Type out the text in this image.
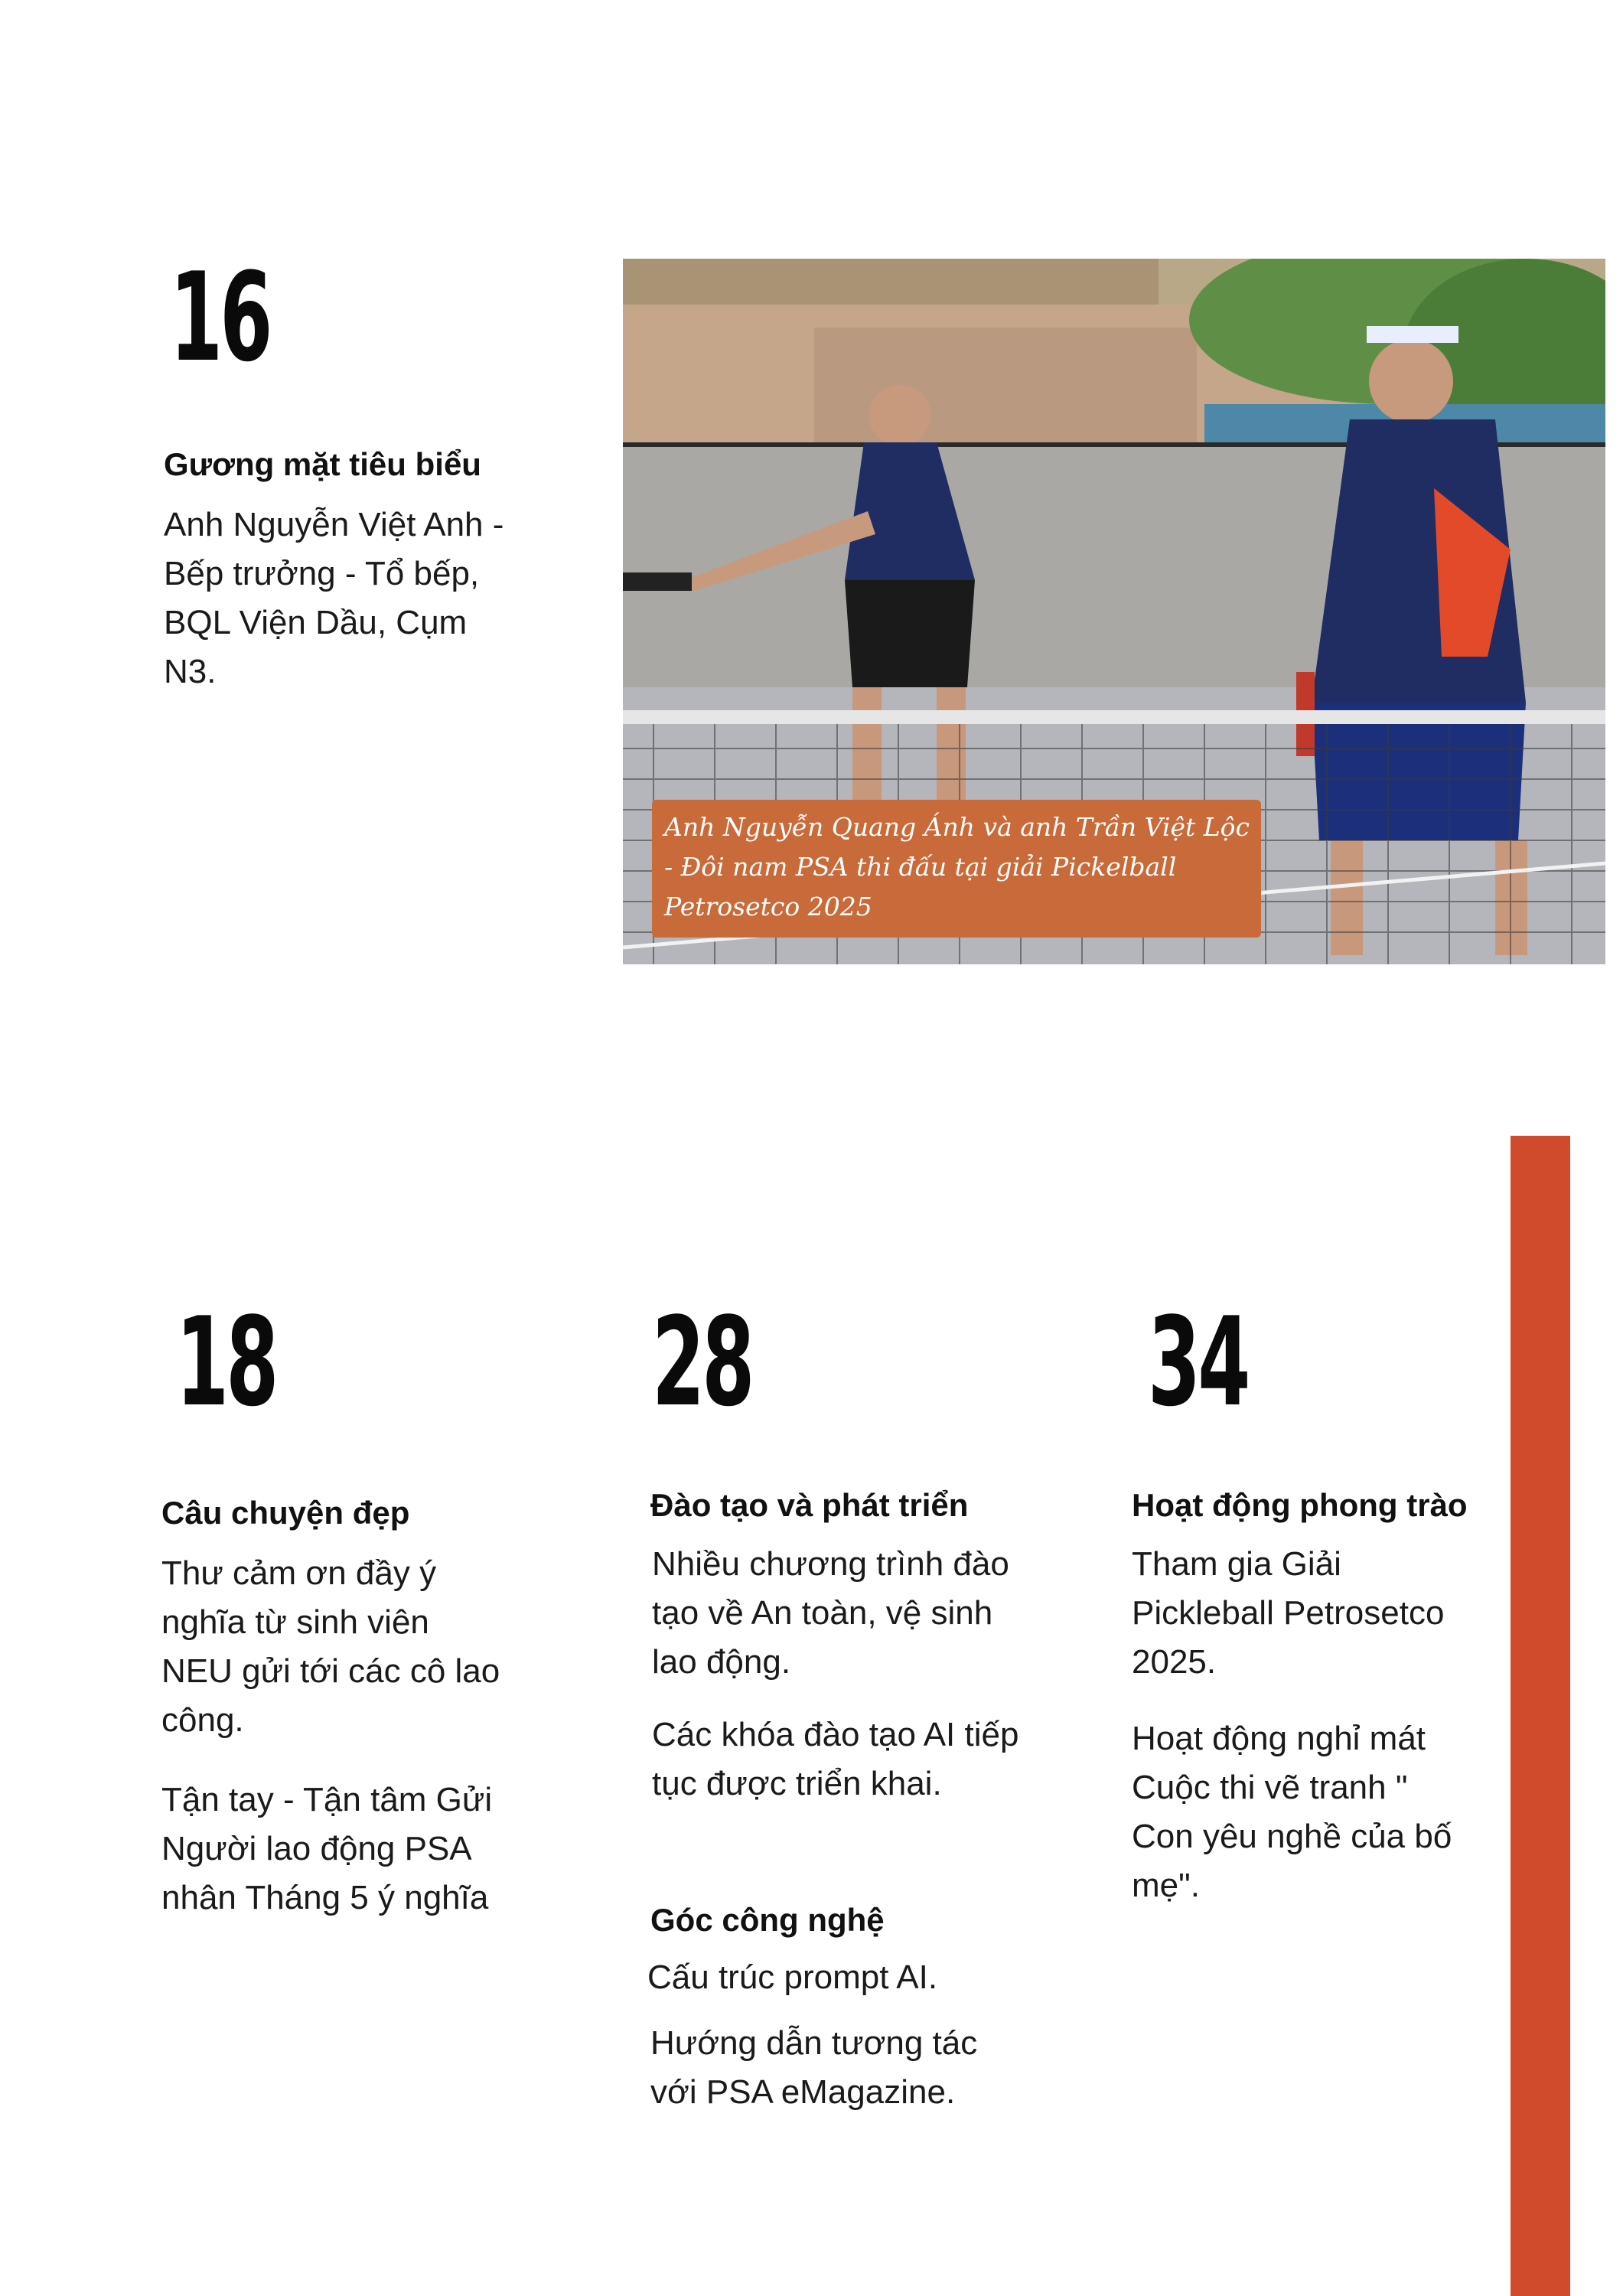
16
Gương mặt tiêu biểu

Anh Nguyễn Việt Anh - Bếp trưởng - Tổ bếp, BQL Viện Dầu, Cụm N3.

Anh Nguyễn Quang Ánh và anh Trần Việt Lộc - Đôi nam PSA thi đấu tại giải Pickelball Petrosetco 2025
18
Câu chuyện đẹp

Thư cảm ơn đầy ý nghĩa từ sinh viên NEU gửi tới các cô lao công.

Tận tay - Tận tâm Gửi Người lao động PSA nhân Tháng 5 ý nghĩa

28
Đào tạo và phát triển

Nhiều chương trình đào tạo về An toàn, vệ sinh lao động.

Các khóa đào tạo AI tiếp tục được triển khai.

Góc công nghệ

Cấu trúc prompt AI.

Hướng dẫn tương tác với PSA eMagazine.

34
Hoạt động phong trào

Tham gia Giải Pickleball Petrosetco 2025.

Hoạt động nghỉ mát Cuộc thi vẽ tranh " Con yêu nghề của bố mẹ".
